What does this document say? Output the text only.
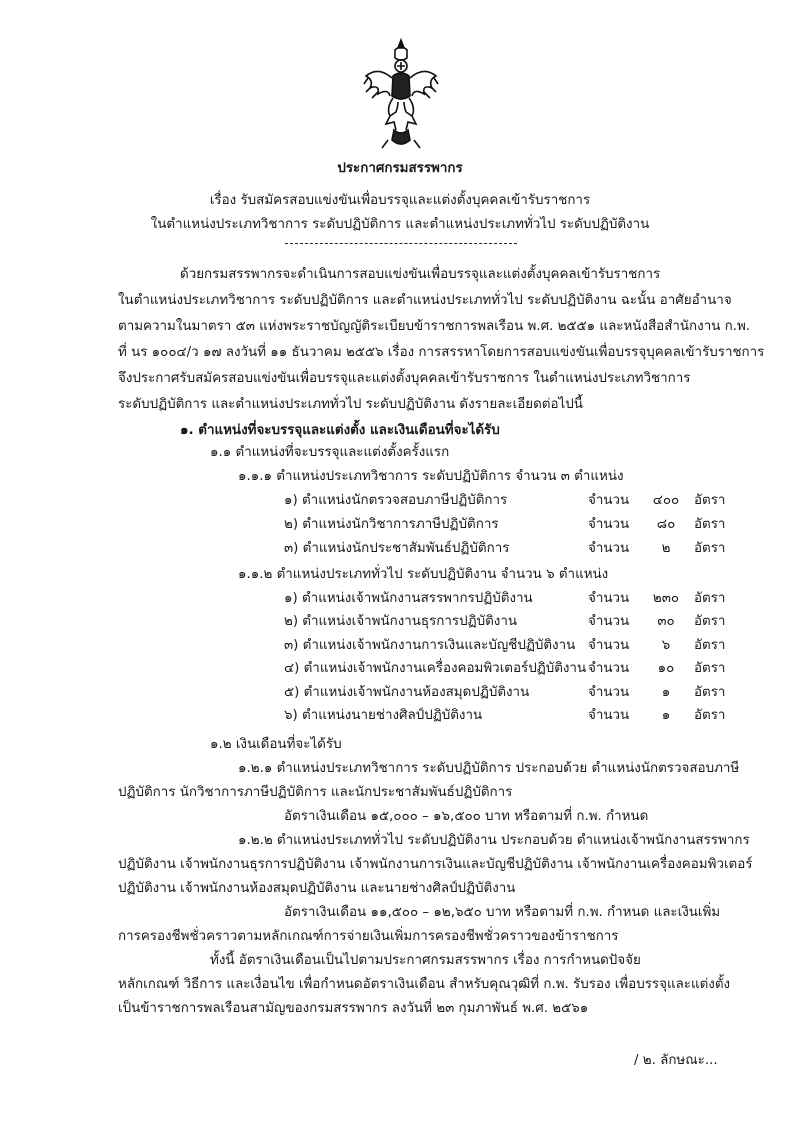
ประกาศกรมสรรพากร
เรื่อง รับสมัครสอบแข่งขันเพื่อบรรจุและแต่งตั้งบุคคลเข้ารับราชการ
ในตำแหน่งประเภทวิชาการ ระดับปฏิบัติการ และตำแหน่งประเภททั่วไป ระดับปฏิบัติงาน
ด้วยกรมสรรพากรจะดำเนินการสอบแข่งขันเพื่อบรรจุและแต่งตั้งบุคคลเข้ารับราชการ
ในตำแหน่งประเภทวิชาการ ระดับปฏิบัติการ และตำแหน่งประเภททั่วไป ระดับปฏิบัติงาน ฉะนั้น อาศัยอำนาจ
ตามความในมาตรา ๕๓ แห่งพระราชบัญญัติระเบียบข้าราชการพลเรือน พ.ศ. ๒๕๕๑ และหนังสือสำนักงาน ก.พ.
ที่ นร ๑๐๐๔/ว ๑๗ ลงวันที่ ๑๑ ธันวาคม ๒๕๕๖ เรื่อง การสรรหาโดยการสอบแข่งขันเพื่อบรรจุบุคคลเข้ารับราชการ
จึงประกาศรับสมัครสอบแข่งขันเพื่อบรรจุและแต่งตั้งบุคคลเข้ารับราชการ ในตำแหน่งประเภทวิชาการ
ระดับปฏิบัติการ และตำแหน่งประเภททั่วไป ระดับปฏิบัติงาน ดังรายละเอียดต่อไปนี้
๑. ตำแหน่งที่จะบรรจุและแต่งตั้ง และเงินเดือนที่จะได้รับ
๑.๑ ตำแหน่งที่จะบรรจุและแต่งตั้งครั้งแรก
๑.๑.๑ ตำแหน่งประเภทวิชาการ ระดับปฏิบัติการ จำนวน ๓ ตำแหน่ง
๑) ตำแหน่งนักตรวจสอบภาษีปฏิบัติการ	จำนวน	๔๐๐	อัตรา
๒) ตำแหน่งนักวิชาการภาษีปฏิบัติการ	จำนวน	๘๐	อัตรา
๓) ตำแหน่งนักประชาสัมพันธ์ปฏิบัติการ	จำนวน	๒	อัตรา
๑.๑.๒ ตำแหน่งประเภททั่วไป ระดับปฏิบัติงาน จำนวน ๖ ตำแหน่ง
๑) ตำแหน่งเจ้าพนักงานสรรพากรปฏิบัติงาน	จำนวน	๒๓๐	อัตรา
๒) ตำแหน่งเจ้าพนักงานธุรการปฏิบัติงาน	จำนวน	๓๐	อัตรา
๓) ตำแหน่งเจ้าพนักงานการเงินและบัญชีปฏิบัติงาน จำนวน	๖	อัตรา
๔) ตำแหน่งเจ้าพนักงานเครื่องคอมพิวเตอร์ปฏิบัติงาน จำนวน	๑๐	อัตรา
๕) ตำแหน่งเจ้าพนักงานห้องสมุดปฏิบัติงาน	จำนวน	๑	อัตรา
๖) ตำแหน่งนายช่างศิลป์ปฏิบัติงาน	จำนวน	๑	อัตรา
๑.๒ เงินเดือนที่จะได้รับ
๑.๒.๑ ตำแหน่งประเภทวิชาการ ระดับปฏิบัติการ ประกอบด้วย ตำแหน่งนักตรวจสอบภาษี
ปฏิบัติการ นักวิชาการภาษีปฏิบัติการ และนักประชาสัมพันธ์ปฏิบัติการ
อัตราเงินเดือน ๑๕,๐๐๐ – ๑๖,๕๐๐ บาท หรือตามที่ ก.พ. กำหนด
๑.๒.๒ ตำแหน่งประเภททั่วไป ระดับปฏิบัติงาน ประกอบด้วย ตำแหน่งเจ้าพนักงานสรรพากร
ปฏิบัติงาน เจ้าพนักงานธุรการปฏิบัติงาน เจ้าพนักงานการเงินและบัญชีปฏิบัติงาน เจ้าพนักงานเครื่องคอมพิวเตอร์
ปฏิบัติงาน เจ้าพนักงานห้องสมุดปฏิบัติงาน และนายช่างศิลป์ปฏิบัติงาน
อัตราเงินเดือน ๑๑,๕๐๐ – ๑๒,๖๕๐ บาท หรือตามที่ ก.พ. กำหนด และเงินเพิ่ม
การครองชีพชั่วคราวตามหลักเกณฑ์การจ่ายเงินเพิ่มการครองชีพชั่วคราวของข้าราชการ
ทั้งนี้ อัตราเงินเดือนเป็นไปตามประกาศกรมสรรพากร เรื่อง การกำหนดปัจจัย
หลักเกณฑ์ วิธีการ และเงื่อนไข เพื่อกำหนดอัตราเงินเดือน สำหรับคุณวุฒิที่ ก.พ. รับรอง เพื่อบรรจุและแต่งตั้ง
เป็นข้าราชการพลเรือนสามัญของกรมสรรพากร ลงวันที่ ๒๓ กุมภาพันธ์ พ.ศ. ๒๕๖๑
/ ๒. ลักษณะ...
